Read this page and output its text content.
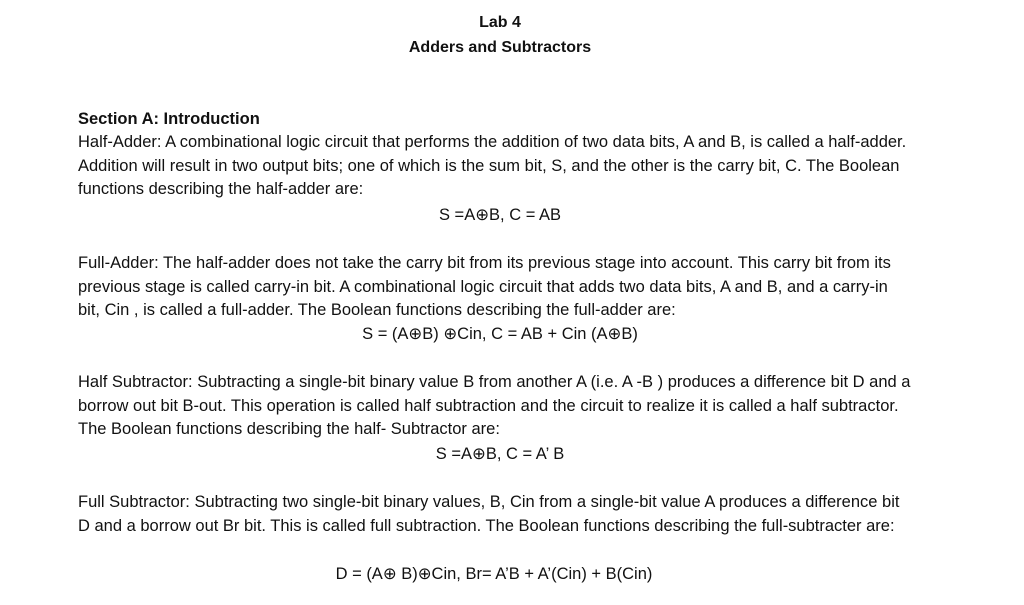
Lab 4
Adders and Subtractors
Section A: Introduction

Half-Adder: A combinational logic circuit that performs the addition of two data bits, A and B, is called a half-adder. Addition will result in two output bits; one of which is the sum bit, S, and the other is the carry bit, C. The Boolean functions describing the half-adder are:

S =A⊕B, C = AB

Full-Adder: The half-adder does not take the carry bit from its previous stage into account. This carry bit from its previous stage is called carry-in bit. A combinational logic circuit that adds two data bits, A and B, and a carry-in bit, Cin , is called a full-adder. The Boolean functions describing the full-adder are:

S = (A⊕B) ⊕Cin, C = AB + Cin (A⊕B)

Half Subtractor: Subtracting a single-bit binary value B from another A (i.e. A -B ) produces a difference bit D and a borrow out bit B-out. This operation is called half subtraction and the circuit to realize it is called a half subtractor. The Boolean functions describing the half- Subtractor are:

S =A⊕B, C = A’ B

Full Subtractor: Subtracting two single-bit binary values, B, Cin from a single-bit value A produces a difference bit D and a borrow out Br bit. This is called full subtraction. The Boolean functions describing the full-subtracter are:

D = (A⊕ B)⊕Cin, Br= A’B + A’(Cin) + B(Cin)
